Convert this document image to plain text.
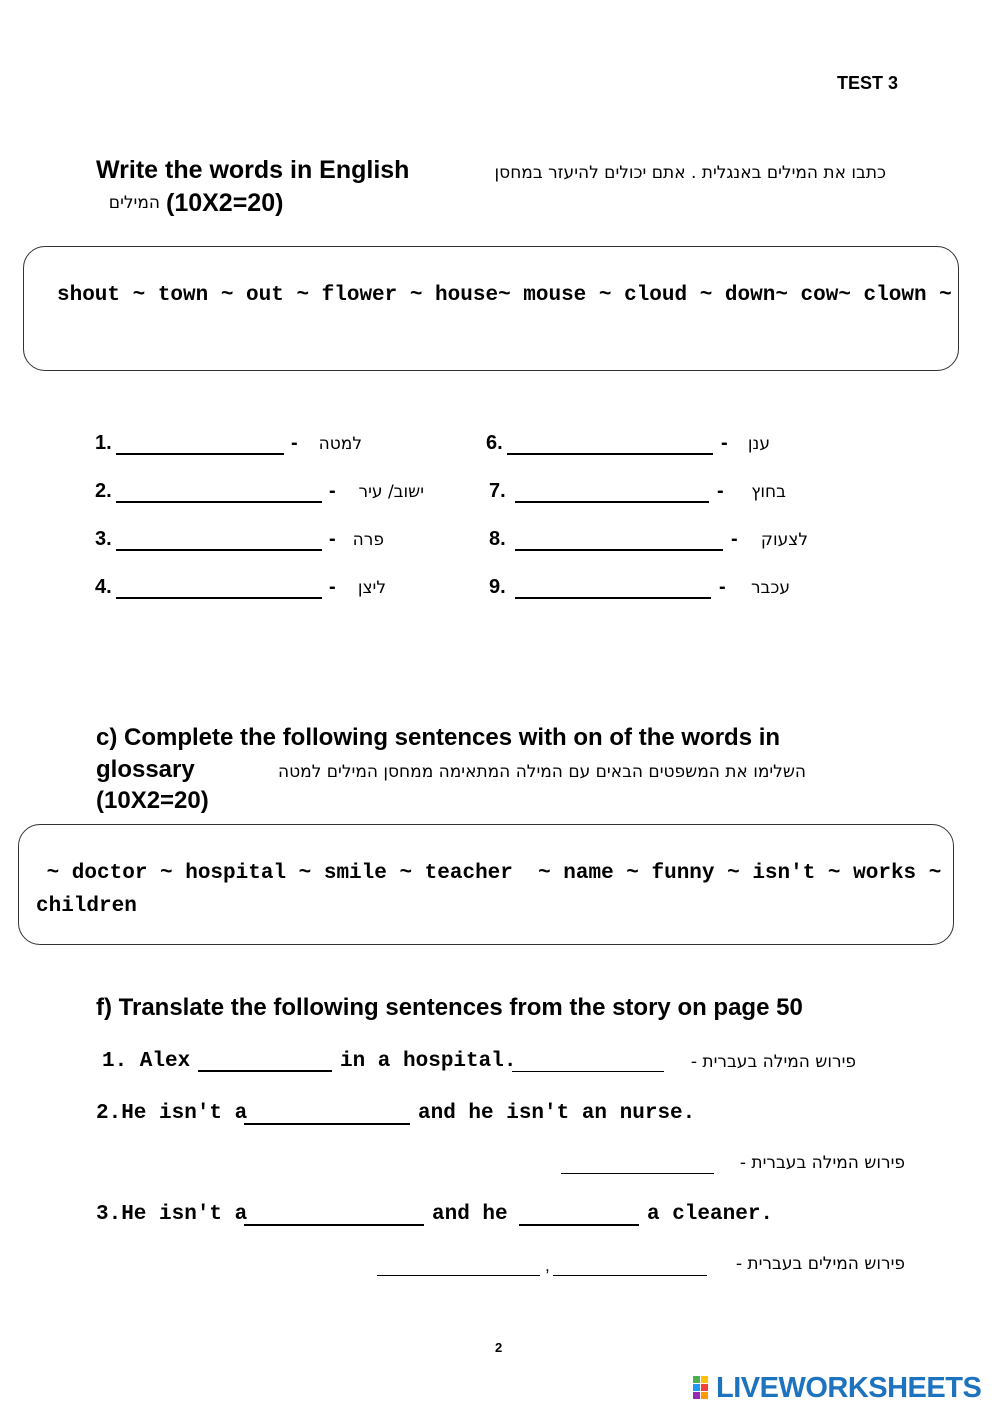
TEST 3
Write the words in English	כתבו את המילים באנגלית . אתם יכולים להיעזר במחסן
המילים (10X2=20)
shout ~ town ~ out ~ flower ~ house~ mouse ~ cloud ~ down~ cow~ clown ~
1.	-	למטה
2.	-	ישוב/ עיר
3.	- פרה
4.	-	ליצן
6.	-	ענן
7.	-	בחוץ
8.	-	לצעוק
9.	-	עכבר
c) Complete the following sentences with on of the words in
glossary	השלימו את המשפטים הבאים עם המילה המתאימה ממחסן המילים למטה
(10X2=20)
~ doctor ~ hospital ~ smile ~ teacher  ~ name ~ funny ~ isn't ~ works ~
children
f) Translate the following sentences from the story on page 50
1. Alex	in a hospital.	פירוש המילה בעברית -
2.He isn't a	and he isn't an nurse.
פירוש המילה בעברית -
3.He isn't a	and he	a cleaner.
,	פירוש המילים בעברית -
2
LIVEWORKSHEETS
